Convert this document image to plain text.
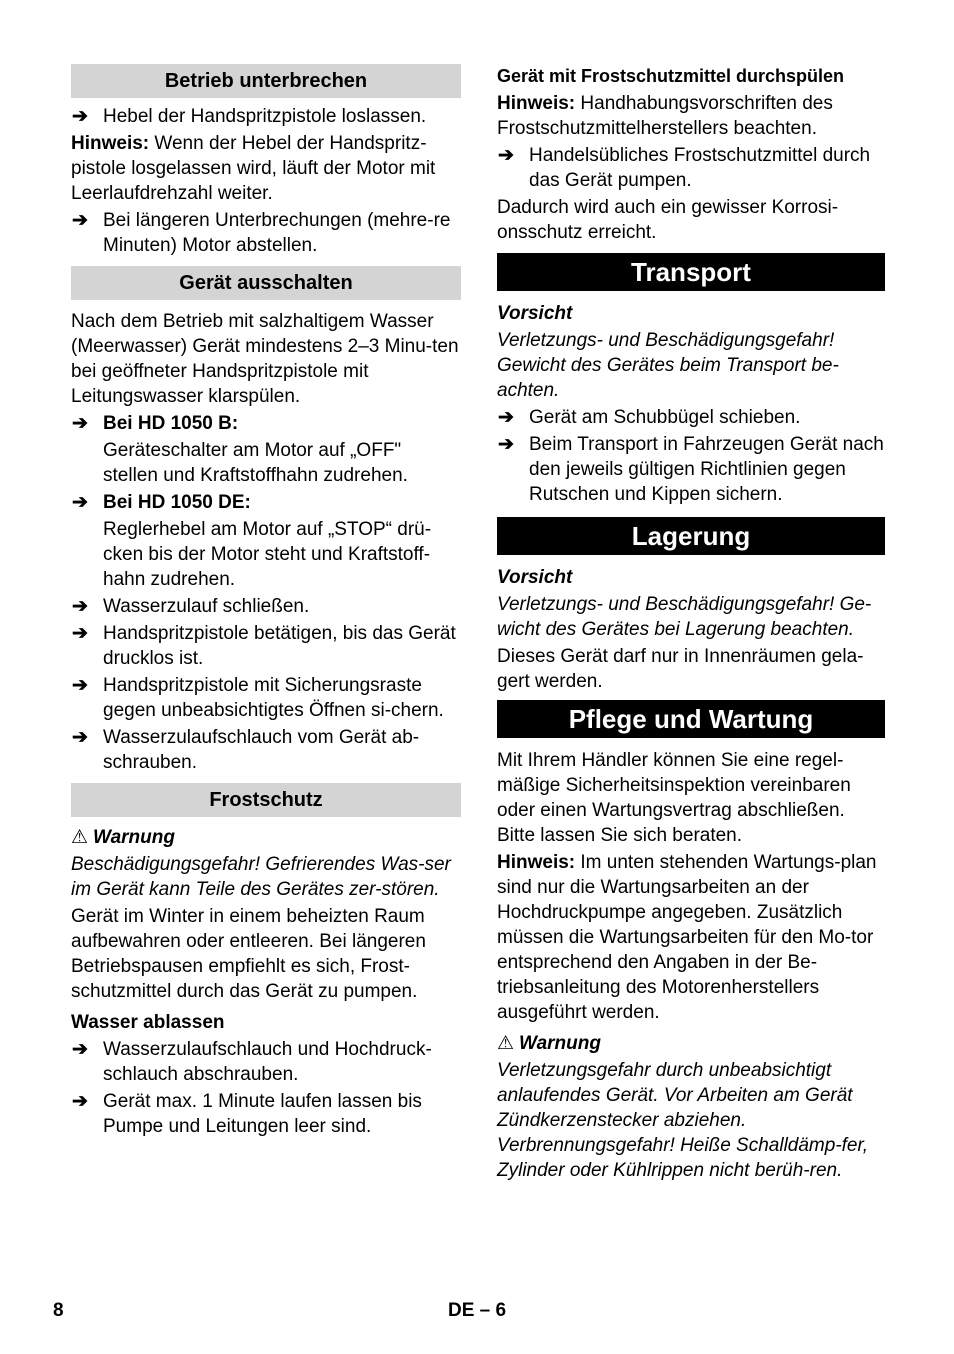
Betrieb unterbrechen
➔ Hebel der Handspritzpistole loslassen.

Hinweis: Wenn der Hebel der Handspritz-pistole losgelassen wird, läuft der Motor mit Leerlaufdrehzahl weiter.

➔ Bei längeren Unterbrechungen (mehre-re Minuten) Motor abstellen.
Gerät ausschalten

Nach dem Betrieb mit salzhaltigem Wasser (Meerwasser) Gerät mindestens 2–3 Minu-ten bei geöffneter Handspritzpistole mit Leitungswasser klarspülen.

➔ Bei HD 1050 B:

Geräteschalter am Motor auf „OFF" stellen und Kraftstoffhahn zudrehen.

➔ Bei HD 1050 DE:

Reglerhebel am Motor auf „STOP“ drü-cken bis der Motor steht und Kraftstoff-hahn zudrehen.

➔ Wasserzulauf schließen.
➔ Handspritzpistole betätigen, bis das Gerät drucklos ist.
➔ Handspritzpistole mit Sicherungsraste gegen unbeabsichtigtes Öffnen si-chern.
➔ Wasserzulaufschlauch vom Gerät ab-schrauben.
Frostschutz

⚠ Warnung

Beschädigungsgefahr! Gefrierendes Was-ser im Gerät kann Teile des Gerätes zer-stören.

Gerät im Winter in einem beheizten Raum aufbewahren oder entleeren. Bei längeren Betriebspausen empfiehlt es sich, Frost-schutzmittel durch das Gerät zu pumpen.

Wasser ablassen

➔ Wasserzulaufschlauch und Hochdruck-schlauch abschrauben.
➔ Gerät max. 1 Minute laufen lassen bis Pumpe und Leitungen leer sind.

Gerät mit Frostschutzmittel durchspülen

Hinweis: Handhabungsvorschriften des Frostschutzmittelherstellers beachten.

➔ Handelsübliches Frostschutzmittel durch das Gerät pumpen.

Dadurch wird auch ein gewisser Korrosi-onsschutz erreicht.

Transport

Vorsicht

Verletzungs- und Beschädigungsgefahr! Gewicht des Gerätes beim Transport be-achten.

➔ Gerät am Schubbügel schieben.
➔ Beim Transport in Fahrzeugen Gerät nach den jeweils gültigen Richtlinien gegen Rutschen und Kippen sichern.
Lagerung

Vorsicht

Verletzungs- und Beschädigungsgefahr! Ge-wicht des Gerätes bei Lagerung beachten.

Dieses Gerät darf nur in Innenräumen gela-gert werden.

Pflege und Wartung

Mit Ihrem Händler können Sie eine regel-mäßige Sicherheitsinspektion vereinbaren oder einen Wartungsvertrag abschließen. Bitte lassen Sie sich beraten.

Hinweis: Im unten stehenden Wartungs-plan sind nur die Wartungsarbeiten an der Hochdruckpumpe angegeben. Zusätzlich müssen die Wartungsarbeiten für den Mo-tor entsprechend den Angaben in der Be-triebsanleitung des Motorenherstellers ausgeführt werden.

⚠ Warnung

Verletzungsgefahr durch unbeabsichtigt anlaufendes Gerät. Vor Arbeiten am Gerät Zündkerzenstecker abziehen. Verbrennungsgefahr! Heiße Schalldämp-fer, Zylinder oder Kühlrippen nicht berüh-ren.

8	DE – 6
